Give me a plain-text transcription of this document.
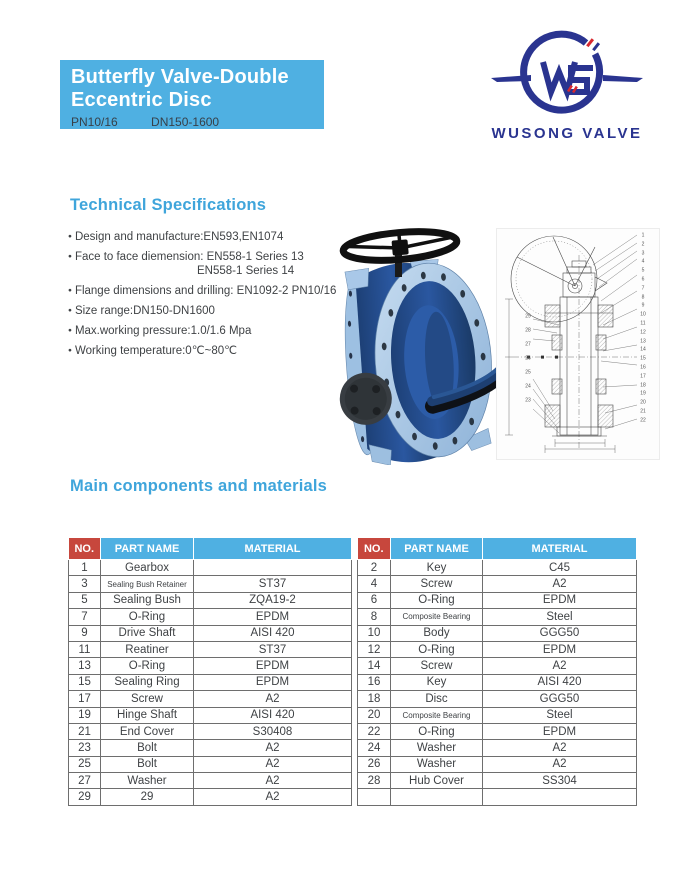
Butterfly Valve-Double
Eccentric Disc
PN10/16	DN150-1600
WUSONG VALVE
Technical Specifications
● Design and manufacture:EN593,EN1074
● Face to face diemension: EN558-1 Series 13
EN558-1 Series 14
● Flange dimensions and drilling: EN1092-2 PN10/16
● Size range:DN150-DN1600
● Max.working pressure:1.0/1.6 Mpa
● Working temperature:0℃~80℃
1
2
3
4
5
6
7
8
9
10
11
12
13
14
15
16
17
18
19
20
21
22
29
28
27
26
25
24
23
Main components and materials
NO.	PART NAME	MATERIAL
1	Gearbox	
3	Sealing Bush Retainer	ST37
5	Sealing Bush	ZQA19-2
7	O-Ring	EPDM
9	Drive Shaft	AISI 420
11	Reatiner	ST37
13	O-Ring	EPDM
15	Sealing Ring	EPDM
17	Screw	A2
19	Hinge Shaft	AISI 420
21	End Cover	S30408
23	Bolt	A2
25	Bolt	A2
27	Washer	A2
29	29	A2
NO.	PART NAME	MATERIAL
2	Key	C45
4	Screw	A2
6	O-Ring	EPDM
8	Composite Bearing	Steel
10	Body	GGG50
12	O-Ring	EPDM
14	Screw	A2
16	Key	AISI 420
18	Disc	GGG50
20	Composite Bearing	Steel
22	O-Ring	EPDM
24	Washer	A2
26	Washer	A2
28	Hub Cover	SS304
